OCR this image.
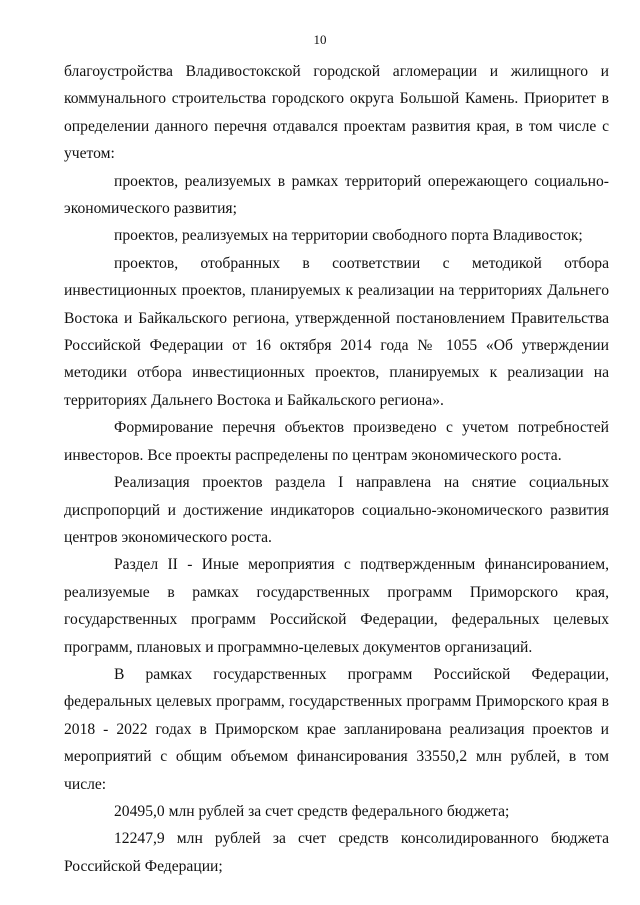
10

благоустройства Владивостокской городской агломерации и жилищного и коммунального строительства городского округа Большой Камень. Приоритет в определении данного перечня отдавался проектам развития края, в том числе с учетом:

проектов, реализуемых в рамках территорий опережающего социально-экономического развития;

проектов, реализуемых на территории свободного порта Владивосток;

проектов, отобранных в соответствии с методикой отбора инвестиционных проектов, планируемых к реализации на территориях Дальнего Востока и Байкальского региона, утвержденной постановлением Правительства Российской Федерации от 16 октября 2014 года № 1055 «Об утверждении методики отбора инвестиционных проектов, планируемых к реализации на территориях Дальнего Востока и Байкальского региона».

Формирование перечня объектов произведено с учетом потребностей инвесторов. Все проекты распределены по центрам экономического роста.

Реализация проектов раздела I направлена на снятие социальных диспропорций и достижение индикаторов социально-экономического развития центров экономического роста.

Раздел II - Иные мероприятия с подтвержденным финансированием, реализуемые в рамках государственных программ Приморского края, государственных программ Российской Федерации, федеральных целевых программ, плановых и программно-целевых документов организаций.

В рамках государственных программ Российской Федерации, федеральных целевых программ, государственных программ Приморского края в 2018 - 2022 годах в Приморском крае запланирована реализация проектов и мероприятий с общим объемом финансирования 33550,2 млн рублей, в том числе:

20495,0 млн рублей за счет средств федерального бюджета;

12247,9 млн рублей за счет средств консолидированного бюджета Российской Федерации;
